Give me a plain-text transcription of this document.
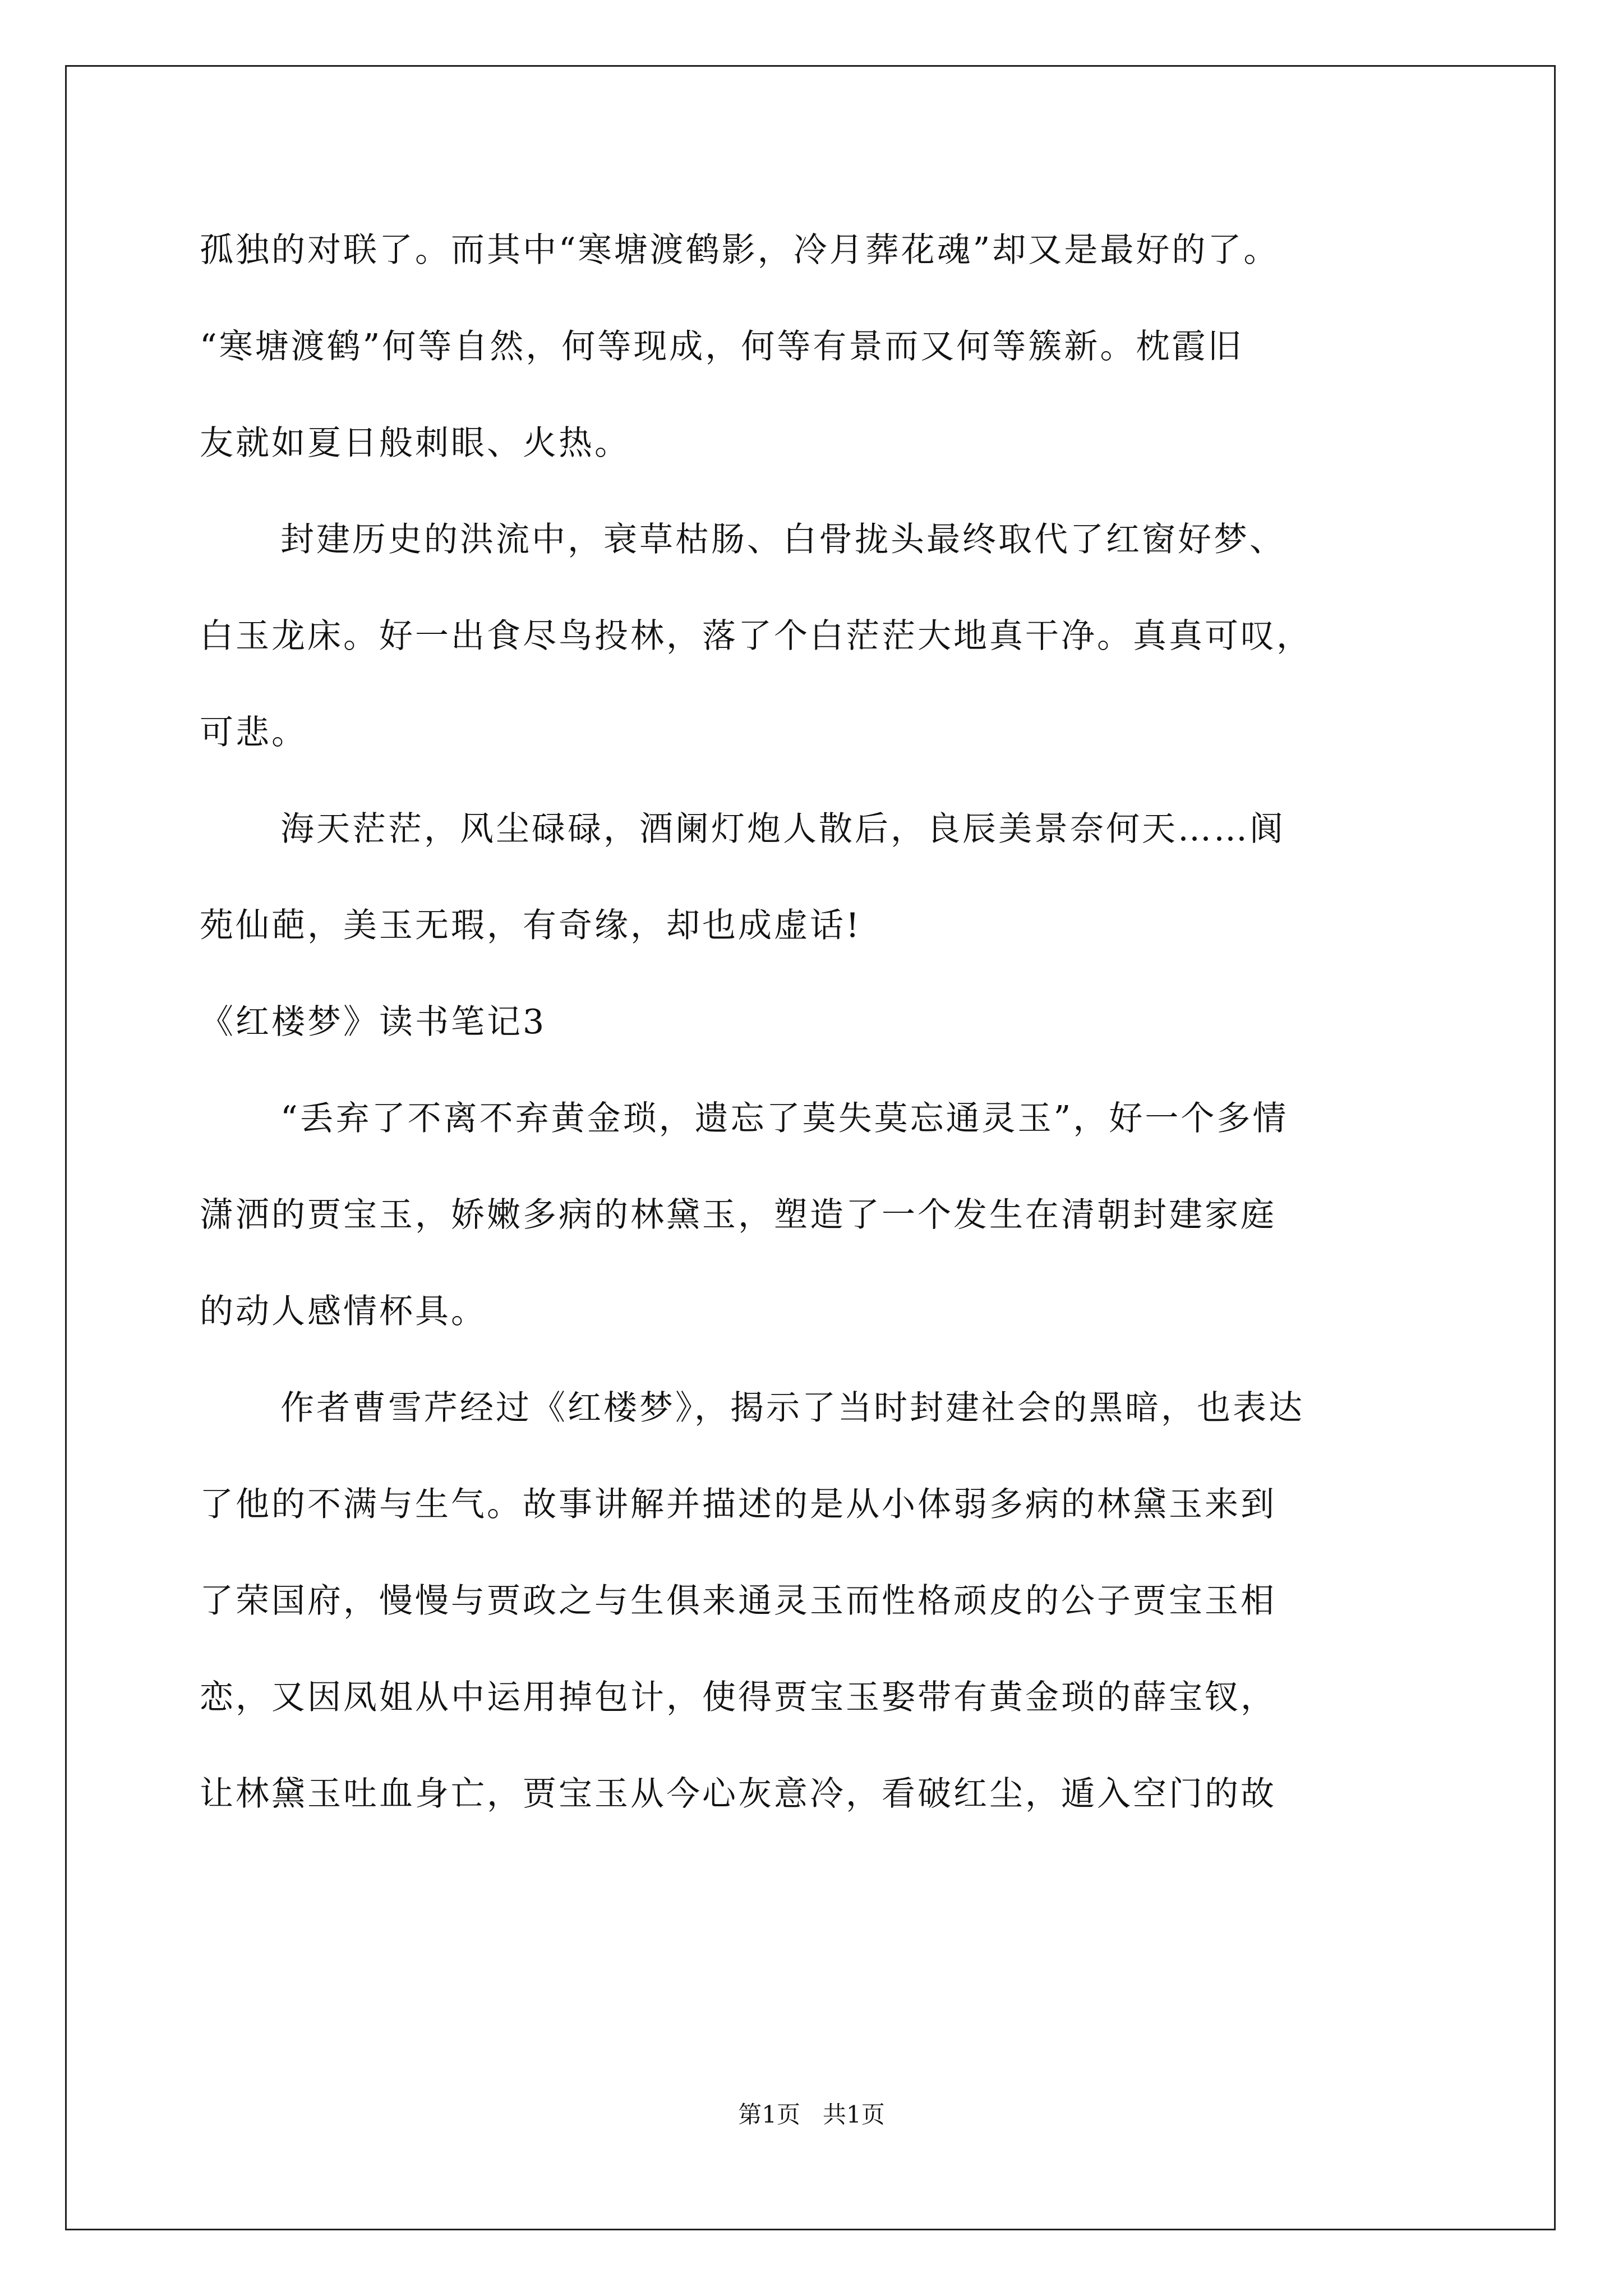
孤独的对联了。而其中“寒塘渡鹤影，冷月葬花魂”却又是最好的了。
“寒塘渡鹤”何等自然，何等现成，何等有景而又何等簇新。枕霞旧
友就如夏日般刺眼、火热。
封建历史的洪流中，衰草枯肠、白骨拢头最终取代了红窗好梦、
白玉龙床。好一出食尽鸟投林，落了个白茫茫大地真干净。真真可叹，
可悲。
海天茫茫，风尘碌碌，酒阑灯炮人散后，良辰美景奈何天……阆
苑仙葩，美玉无瑕，有奇缘，却也成虚话!
《红楼梦》读书笔记3
“丢弃了不离不弃黄金琐，遗忘了莫失莫忘通灵玉”，好一个多情
潇洒的贾宝玉，娇嫩多病的林黛玉，塑造了一个发生在清朝封建家庭
的动人感情杯具。
作者曹雪芹经过《红楼梦》，揭示了当时封建社会的黑暗，也表达
了他的不满与生气。故事讲解并描述的是从小体弱多病的林黛玉来到
了荣国府，慢慢与贾政之与生俱来通灵玉而性格顽皮的公子贾宝玉相
恋，又因凤姐从中运用掉包计，使得贾宝玉娶带有黄金琐的薛宝钗，
让林黛玉吐血身亡，贾宝玉从今心灰意冷，看破红尘，遁入空门的故
第1页   共1页
